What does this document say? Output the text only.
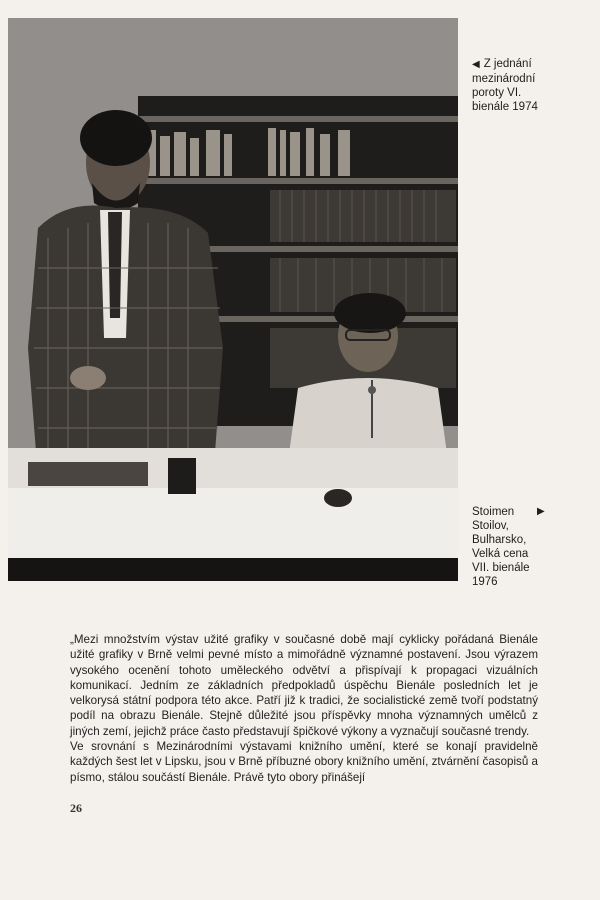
◀ Z jednání
mezinárodní
poroty VI.
bienále 1974
▶
Stoimen
Stoilov,
Bulharsko,
Velká cena
VII. bienále
1976

„Mezi množstvím výstav užité grafiky v současné době mají cyklicky pořádaná Bienále užité grafiky v Brně velmi pevné místo a mimořádně významné postavení. Jsou výrazem vysokého ocenění tohoto uměleckého odvětví a přispívají k propagaci vizuálních komunikací. Jedním ze základních předpokladů úspěchu Bienále posledních let je velkorysá státní podpora této akce. Patří již k tradici, že socialistické země tvoří podstatný podíl na obrazu Bienále. Stejně důležité jsou příspěvky mnoha významných umělců z jiných zemí, jejichž práce často představují špičkové výkony a vyznačují současné trendy.

Ve srovnání s Mezinárodními výstavami knižního umění, které se konají pravidelně každých šest let v Lipsku, jsou v Brně příbuzné obory knižního umění, ztvárnění časopisů a písmo, stálou součástí Bienále. Právě tyto obory přinášejí

26
